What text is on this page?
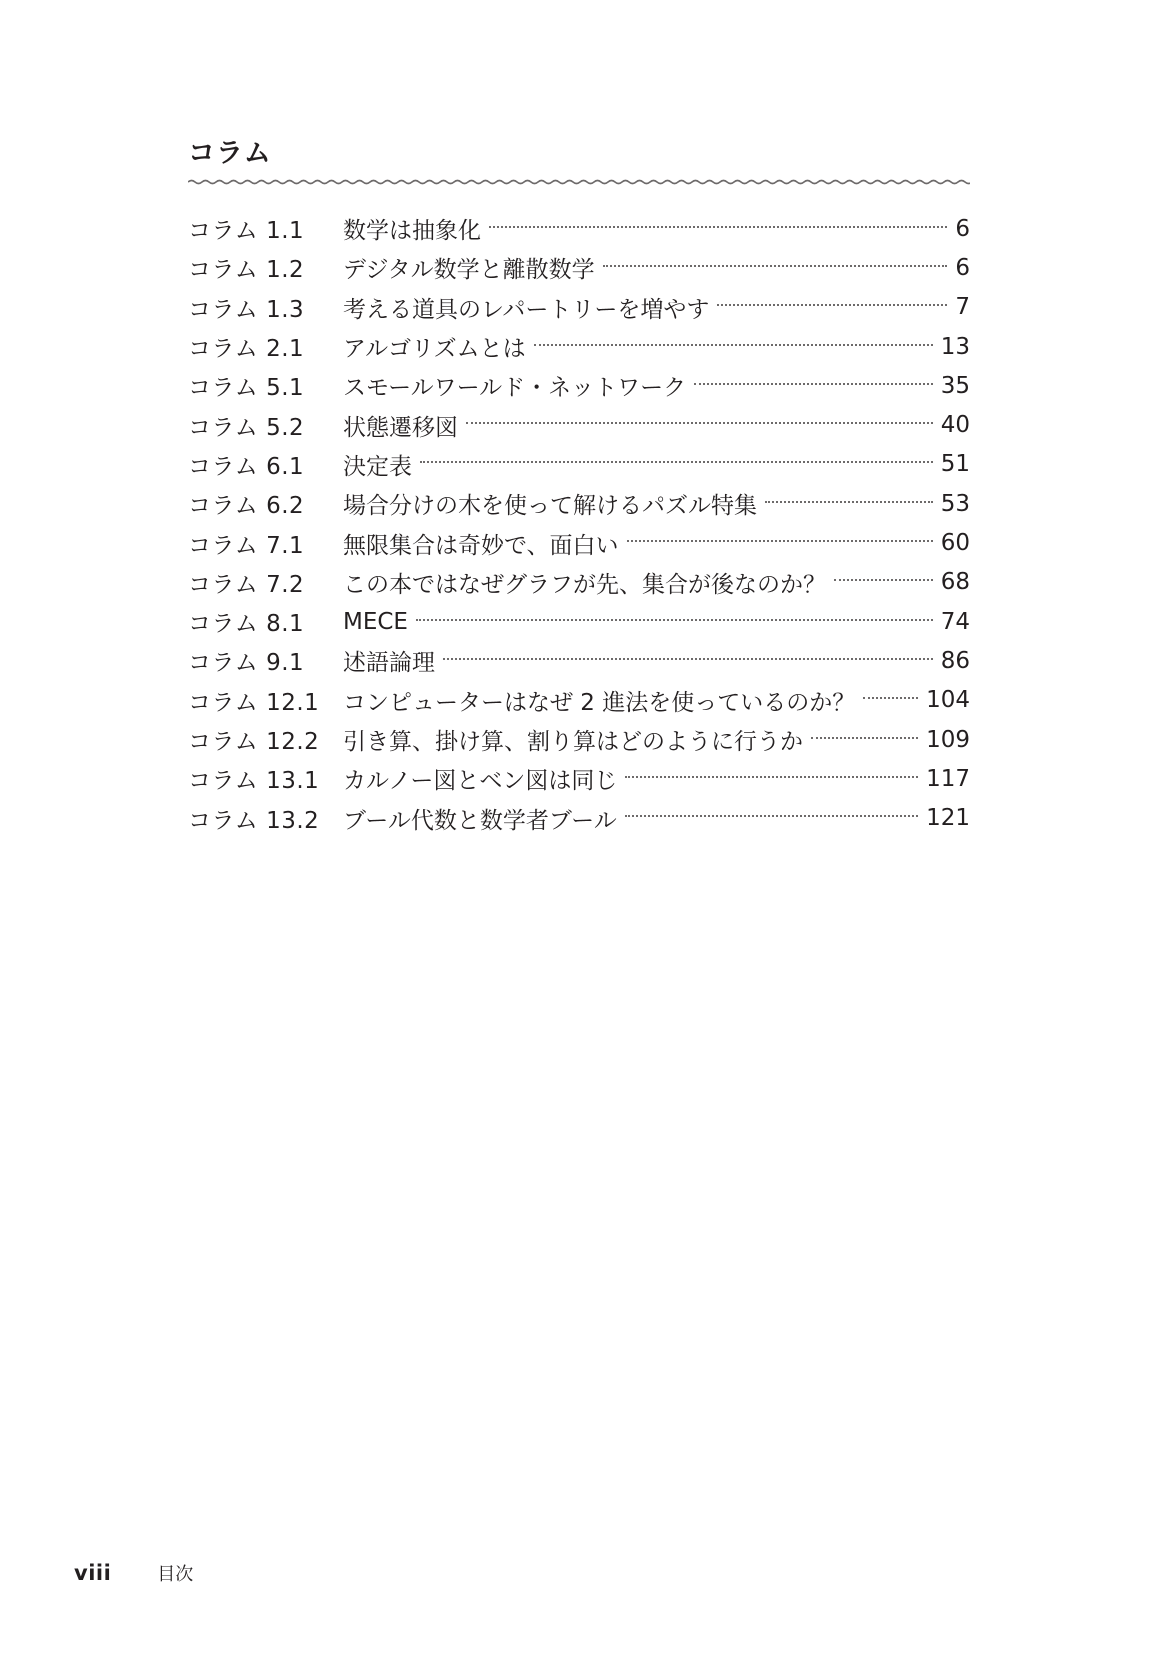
コラム
コラム 1.1	数学は抽象化	6
コラム 1.2	デジタル数学と離散数学	6
コラム 1.3	考える道具のレパートリーを増やす	7
コラム 2.1	アルゴリズムとは	13
コラム 5.1	スモールワールド・ネットワーク	35
コラム 5.2	状態遷移図	40
コラム 6.1	決定表	51
コラム 6.2	場合分けの木を使って解けるパズル特集	53
コラム 7.1	無限集合は奇妙で、面白い	60
コラム 7.2	この本ではなぜグラフが先、集合が後なのか？	68
コラム 8.1	MECE	74
コラム 9.1	述語論理	86
コラム 12.1	コンピューターはなぜ 2 進法を使っているのか？	104
コラム 12.2	引き算、掛け算、割り算はどのように行うか	109
コラム 13.1	カルノー図とベン図は同じ	117
コラム 13.2	ブール代数と数学者ブール	121
viii	目次
